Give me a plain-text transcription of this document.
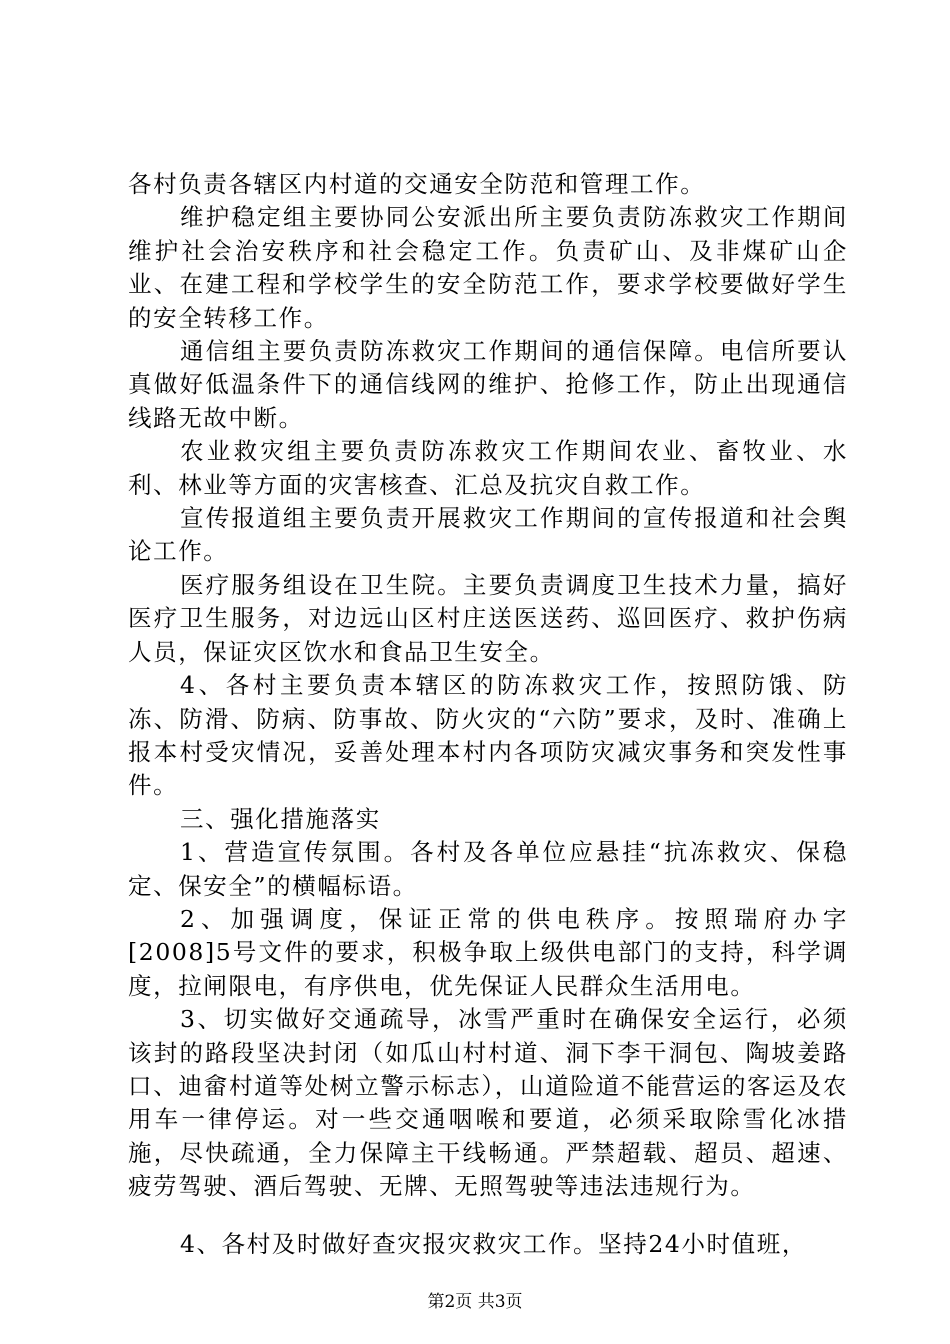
各村负责各辖区内村道的交通安全防范和管理工作。

维护稳定组主要协同公安派出所主要负责防冻救灾工作期间维护社会治安秩序和社会稳定工作。负责矿山、及非煤矿山企业、在建工程和学校学生的安全防范工作，要求学校要做好学生的安全转移工作。

通信组主要负责防冻救灾工作期间的通信保障。电信所要认真做好低温条件下的通信线网的维护、抢修工作，防止出现通信线路无故中断。

农业救灾组主要负责防冻救灾工作期间农业、畜牧业、水利、林业等方面的灾害核查、汇总及抗灾自救工作。

宣传报道组主要负责开展救灾工作期间的宣传报道和社会舆论工作。

医疗服务组设在卫生院。主要负责调度卫生技术力量，搞好医疗卫生服务，对边远山区村庄送医送药、巡回医疗、救护伤病人员，保证灾区饮水和食品卫生安全。

4、各村主要负责本辖区的防冻救灾工作，按照防饿、防冻、防滑、防病、防事故、防火灾的“六防”要求，及时、准确上报本村受灾情况，妥善处理本村内各项防灾减灾事务和突发性事件。

三、强化措施落实

1、营造宣传氛围。各村及各单位应悬挂“抗冻救灾、保稳定、保安全”的横幅标语。

2、加强调度，保证正常的供电秩序。按照瑞府办字[2008]5号文件的要求，积极争取上级供电部门的支持，科学调度，拉闸限电，有序供电，优先保证人民群众生活用电。

3、切实做好交通疏导，冰雪严重时在确保安全运行，必须该封的路段坚决封闭（如瓜山村村道、洞下李干洞包、陶坡姜路口、迪畲村道等处树立警示标志），山道险道不能营运的客运及农用车一律停运。对一些交通咽喉和要道，必须采取除雪化冰措施，尽快疏通，全力保障主干线畅通。严禁超载、超员、超速、疲劳驾驶、酒后驾驶、无牌、无照驾驶等违法违规行为。

4、各村及时做好查灾报灾救灾工作。坚持24小时值班，

第2页 共3页
